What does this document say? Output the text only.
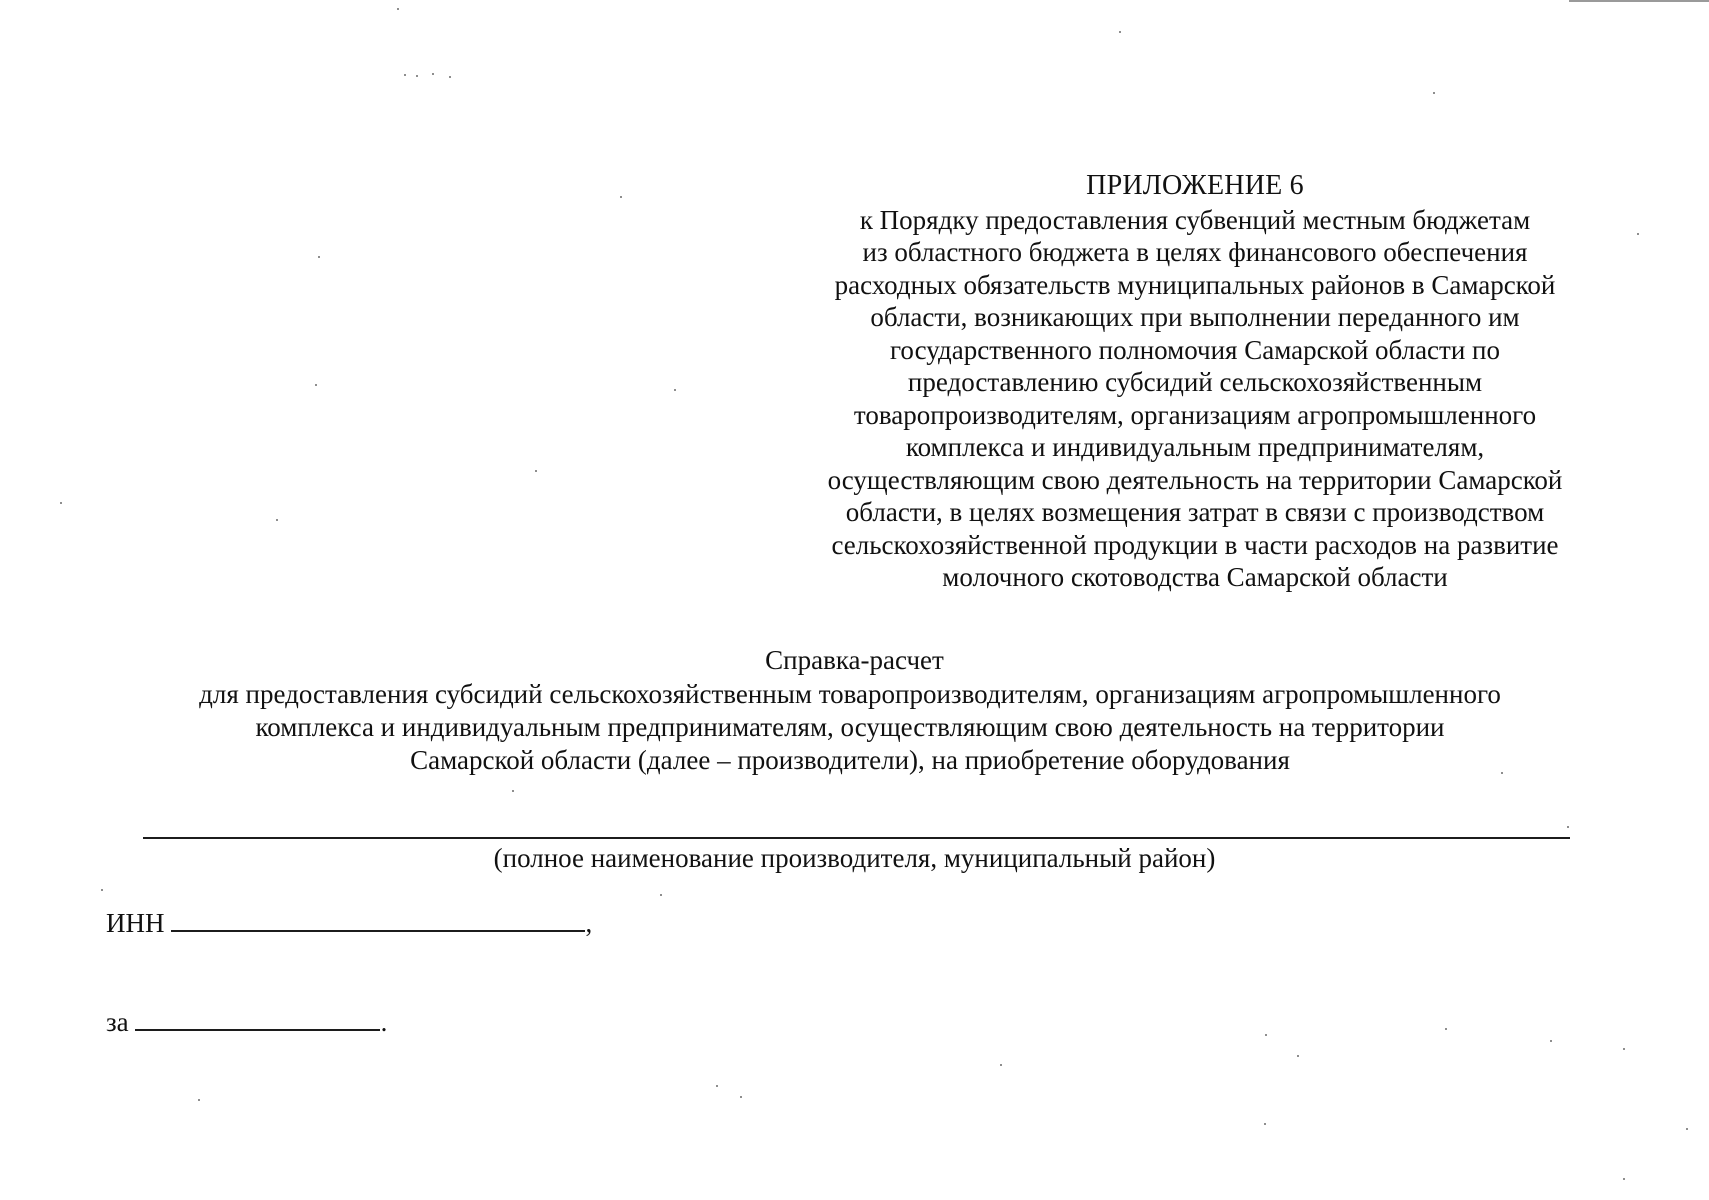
ПРИЛОЖЕНИЕ 6
к Порядку предоставления субвенций местным бюджетам
из областного бюджета в целях финансового обеспечения
расходных обязательств муниципальных районов в Самарской
области, возникающих при выполнении переданного им
государственного полномочия Самарской области по
предоставлению субсидий сельскохозяйственным
товаропроизводителям, организациям агропромышленного
комплекса и индивидуальным предпринимателям,
осуществляющим свою деятельность на территории Самарской
области, в целях возмещения затрат в связи с производством
сельскохозяйственной продукции в части расходов на развитие
молочного скотоводства Самарской области
Справка-расчет
для предоставления субсидий сельскохозяйственным товаропроизводителям, организациям агропромышленного
комплекса и индивидуальным предпринимателям, осуществляющим свою деятельность на территории
Самарской области (далее – производители), на приобретение оборудования
(полное наименование производителя, муниципальный район)
ИНН	,
за	.
